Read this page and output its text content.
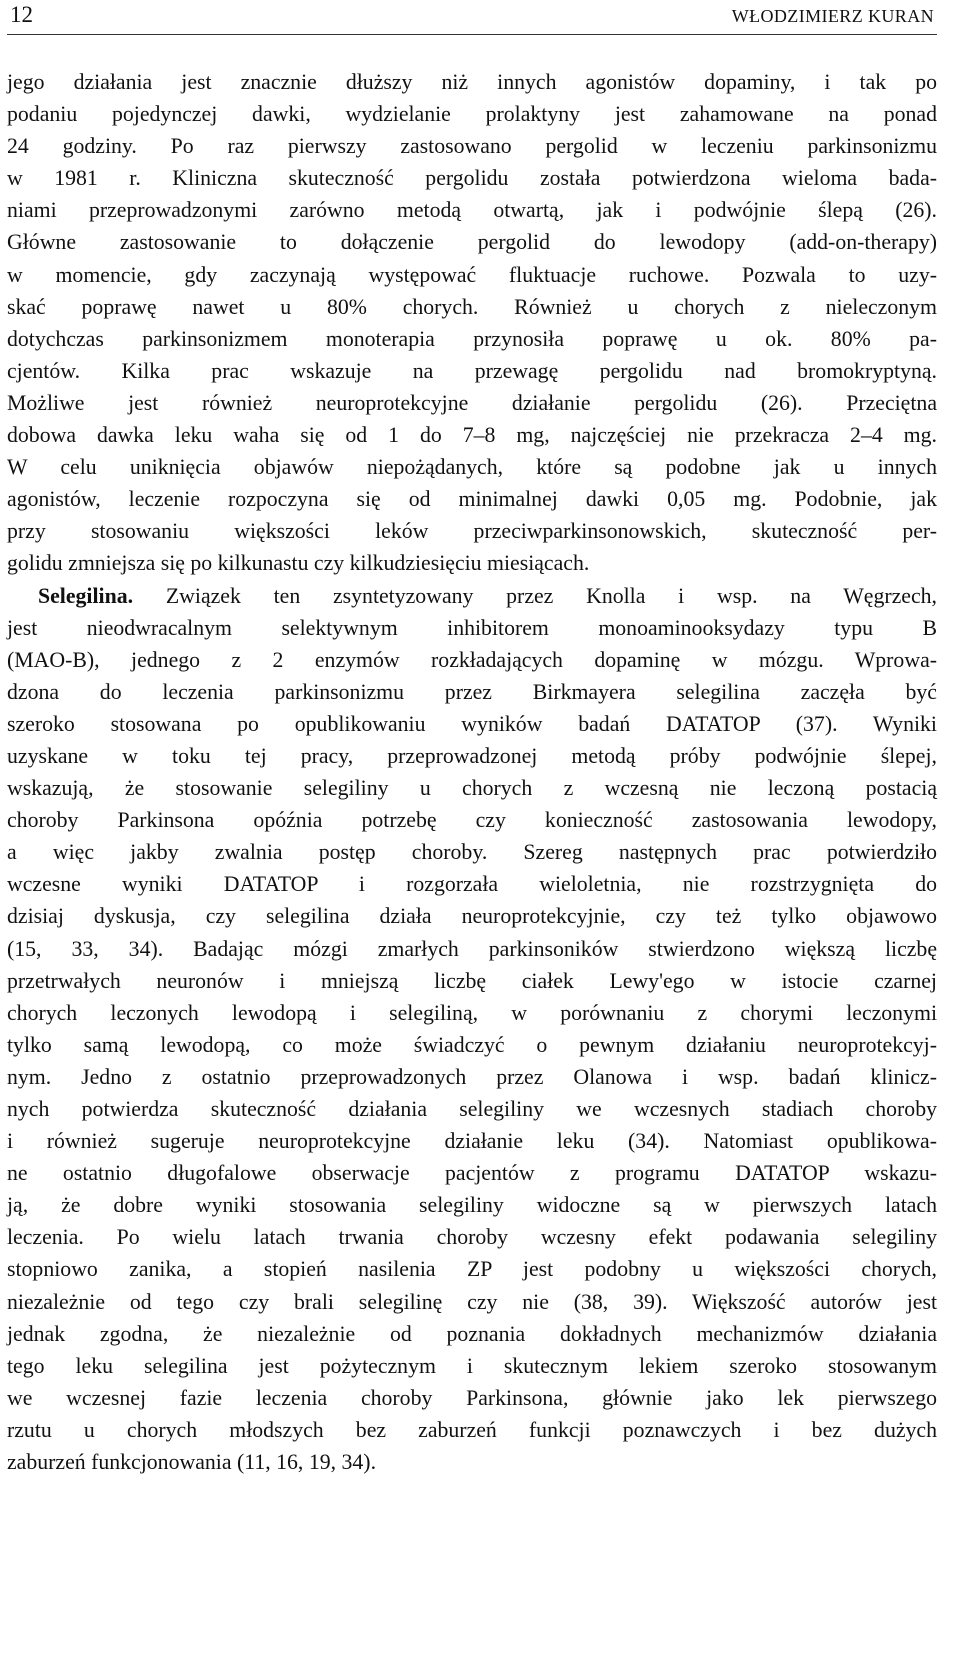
12	WŁODZIMIERZ KURAN
jego działania jest znacznie dłuższy niż innych agonistów dopaminy, i tak po
podaniu pojedynczej dawki, wydzielanie prolaktyny jest zahamowane na ponad
24 godziny. Po raz pierwszy zastosowano pergolid w leczeniu parkinsonizmu
w 1981 r. Kliniczna skuteczność pergolidu została potwierdzona wieloma bada-
niami przeprowadzonymi zarówno metodą otwartą, jak i podwójnie ślepą (26).
Główne zastosowanie to dołączenie pergolid do lewodopy (add-on-therapy)
w momencie, gdy zaczynają występować fluktuacje ruchowe. Pozwala to uzy-
skać poprawę nawet u 80% chorych. Również u chorych z nieleczonym
dotychczas parkinsonizmem monoterapia przynosiła poprawę u ok. 80% pa-
cjentów. Kilka prac wskazuje na przewagę pergolidu nad bromokryptyną.
Możliwe jest również neuroprotekcyjne działanie pergolidu (26). Przeciętna
dobowa dawka leku waha się od 1 do 7–8 mg, najczęściej nie przekracza 2–4 mg.
W celu uniknięcia objawów niepożądanych, które są podobne jak u innych
agonistów, leczenie rozpoczyna się od minimalnej dawki 0,05 mg. Podobnie, jak
przy stosowaniu większości leków przeciwparkinsonowskich, skuteczność per-
golidu zmniejsza się po kilkunastu czy kilkudziesięciu miesiącach.
Selegilina. Związek ten zsyntetyzowany przez Knolla i wsp. na Węgrzech,
jest nieodwracalnym selektywnym inhibitorem monoaminooksydazy typu B
(MAO-B), jednego z 2 enzymów rozkładających dopaminę w mózgu. Wprowa-
dzona do leczenia parkinsonizmu przez Birkmayera selegilina zaczęła być
szeroko stosowana po opublikowaniu wyników badań DATATOP (37). Wyniki
uzyskane w toku tej pracy, przeprowadzonej metodą próby podwójnie ślepej,
wskazują, że stosowanie selegiliny u chorych z wczesną nie leczoną postacią
choroby Parkinsona opóźnia potrzebę czy konieczność zastosowania lewodopy,
a więc jakby zwalnia postęp choroby. Szereg następnych prac potwierdziło
wczesne wyniki DATATOP i rozgorzała wieloletnia, nie rozstrzygnięta do
dzisiaj dyskusja, czy selegilina działa neuroprotekcyjnie, czy też tylko objawowo
(15, 33, 34). Badając mózgi zmarłych parkinsoników stwierdzono większą liczbę
przetrwałych neuronów i mniejszą liczbę ciałek Lewy'ego w istocie czarnej
chorych leczonych lewodopą i selegiliną, w porównaniu z chorymi leczonymi
tylko samą lewodopą, co może świadczyć o pewnym działaniu neuroprotekcyj-
nym. Jedno z ostatnio przeprowadzonych przez Olanowa i wsp. badań klinicz-
nych potwierdza skuteczność działania selegiliny we wczesnych stadiach choroby
i również sugeruje neuroprotekcyjne działanie leku (34). Natomiast opublikowa-
ne ostatnio długofalowe obserwacje pacjentów z programu DATATOP wskazu-
ją, że dobre wyniki stosowania selegiliny widoczne są w pierwszych latach
leczenia. Po wielu latach trwania choroby wczesny efekt podawania selegiliny
stopniowo zanika, a stopień nasilenia ZP jest podobny u większości chorych,
niezależnie od tego czy brali selegilinę czy nie (38, 39). Większość autorów jest
jednak zgodna, że niezależnie od poznania dokładnych mechanizmów działania
tego leku selegilina jest pożytecznym i skutecznym lekiem szeroko stosowanym
we wczesnej fazie leczenia choroby Parkinsona, głównie jako lek pierwszego
rzutu u chorych młodszych bez zaburzeń funkcji poznawczych i bez dużych
zaburzeń funkcjonowania (11, 16, 19, 34).
